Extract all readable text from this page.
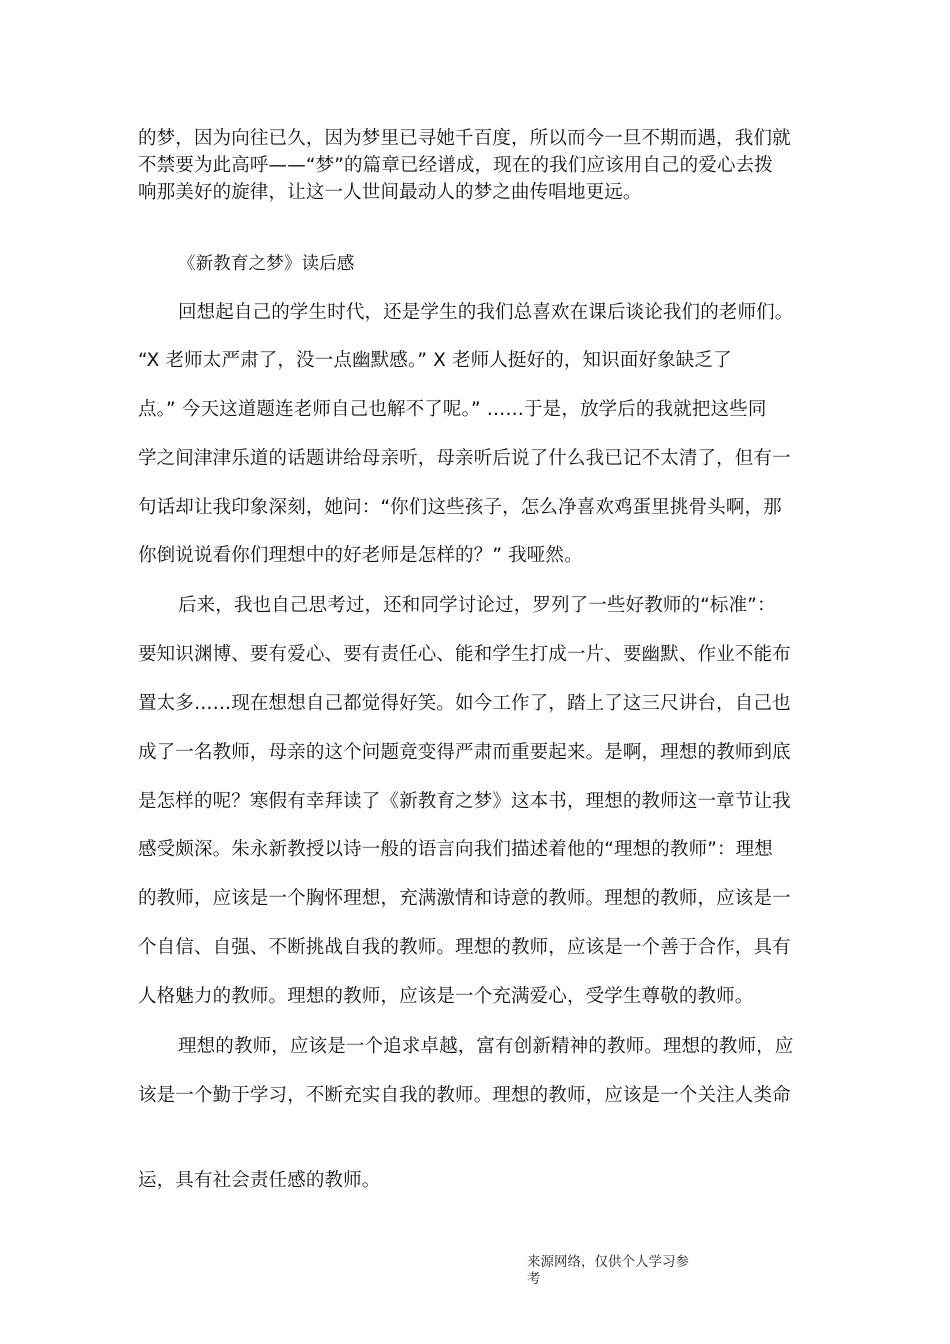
的梦，因为向往已久，因为梦里已寻她千百度，所以而今一旦不期而遇，我们就
不禁要为此高呼——“梦”的篇章已经谱成，现在的我们应该用自己的爱心去拨
响那美好的旋律，让这一人世间最动人的梦之曲传唱地更远。
《新教育之梦》读后感
回想起自己的学生时代，还是学生的我们总喜欢在课后谈论我们的老师们。
“X 老师太严肃了，没一点幽默感。” X 老师人挺好的，知识面好象缺乏了
点。” 今天这道题连老师自己也解不了呢。” ……于是，放学后的我就把这些同
学之间津津乐道的话题讲给母亲听，母亲听后说了什么我已记不太清了，但有一
句话却让我印象深刻，她问：“你们这些孩子，怎么净喜欢鸡蛋里挑骨头啊，那
你倒说说看你们理想中的好老师是怎样的？” 我哑然。
后来，我也自己思考过，还和同学讨论过，罗列了一些好教师的“标准”：
要知识渊博、要有爱心、要有责任心、能和学生打成一片、要幽默、作业不能布
置太多……现在想想自己都觉得好笑。如今工作了，踏上了这三尺讲台，自己也
成了一名教师，母亲的这个问题竟变得严肃而重要起来。是啊，理想的教师到底
是怎样的呢？寒假有幸拜读了《新教育之梦》这本书，理想的教师这一章节让我
感受颇深。朱永新教授以诗一般的语言向我们描述着他的“理想的教师”：理想
的教师，应该是一个胸怀理想，充满激情和诗意的教师。理想的教师，应该是一
个自信、自强、不断挑战自我的教师。理想的教师，应该是一个善于合作，具有
人格魅力的教师。理想的教师，应该是一个充满爱心，受学生尊敬的教师。
理想的教师，应该是一个追求卓越，富有创新精神的教师。理想的教师，应
该是一个勤于学习，不断充实自我的教师。理想的教师，应该是一个关注人类命
运，具有社会责任感的教师。
来源网络，仅供个人学习参
考
